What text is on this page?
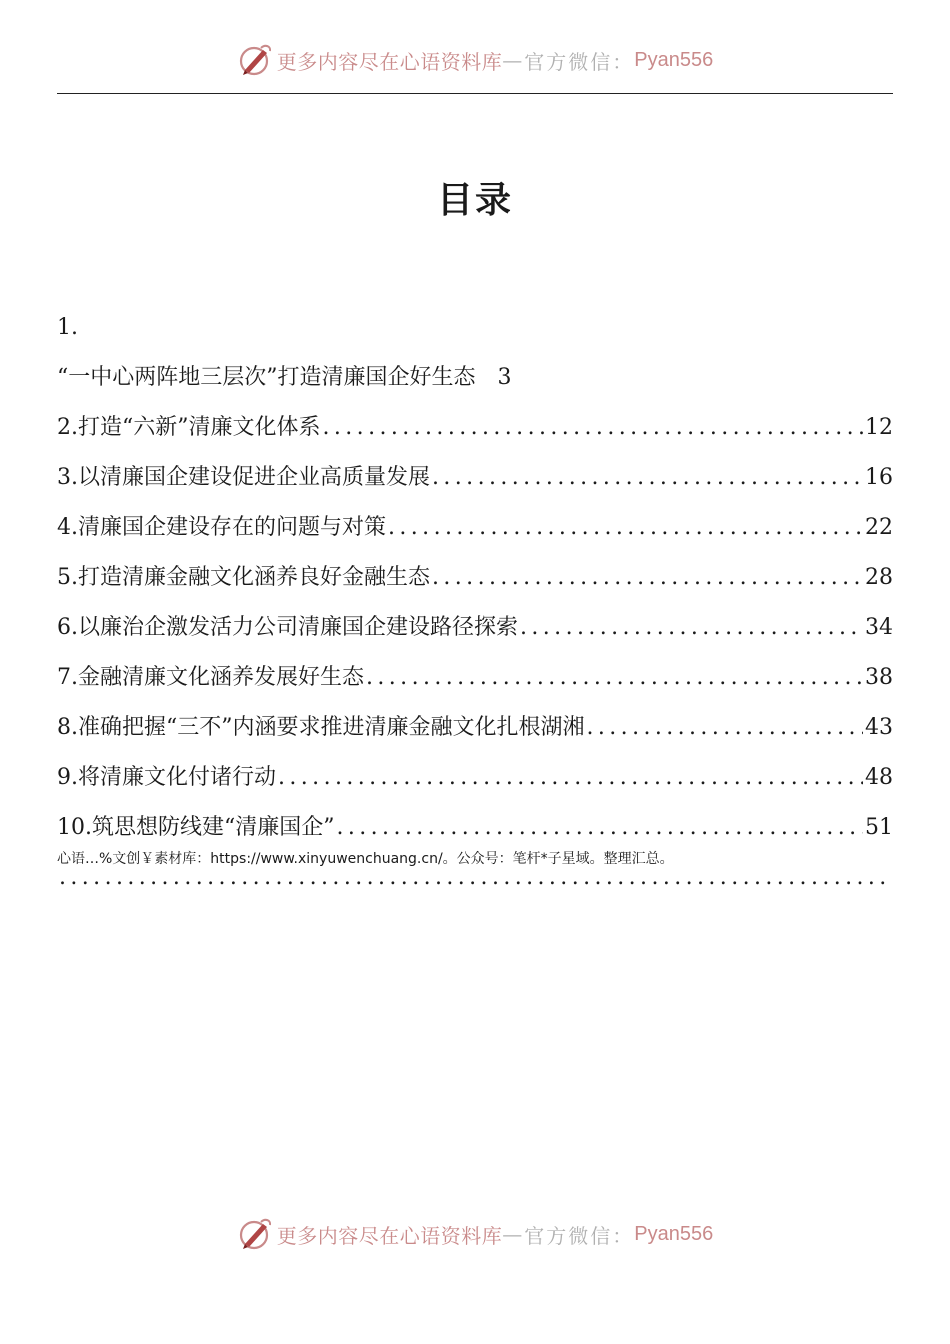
更多内容尽在心语资料库 — 官方微信： Pyan556
目录
1.
“一中心两阵地三层次”打造清廉国企好生态 3
2.打造“六新”清廉文化体系 .....	12
3.以清廉国企建设促进企业高质量发展 .....	16
4.清廉国企建设存在的问题与对策 .....	22
5.打造清廉金融文化涵养良好金融生态 .....	28
6.以廉治企激发活力公司清廉国企建设路径探索 .....	34
7.金融清廉文化涵养发展好生态 .....	38
8.准确把握“三不”内涵要求推进清廉金融文化扎根湖湘 .....	43
9.将清廉文化付诸行动 .....	48
10.筑思想防线建“清廉国企” .....	51
.....
心语…%文创￥素材库：https://www.xinyuwenchuang.cn/。公众号：笔杆*子星域。整理汇总。
更多内容尽在心语资料库 — 官方微信： Pyan556
